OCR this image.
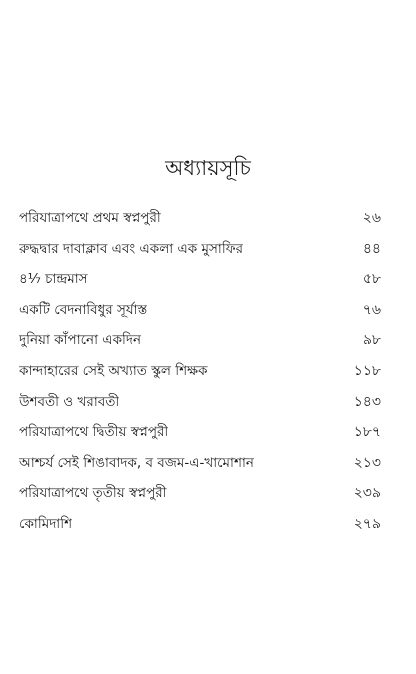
অধ্যায়সূচি
পরিযাত্রাপথে প্রথম স্বপ্নপুরী	২৬
রুদ্ধদ্বার দাবাক্লাব এবং একলা এক মুসাফির	৪৪
৪⅐ চান্দ্রমাস	৫৮
একটি বেদনাবিধুর সূর্যাস্ত	৭৬
দুনিয়া কাঁপানো একদিন	৯৮
কান্দাহারের সেই অখ্যাত স্কুল শিক্ষক	১১৮
উশবতী ও খরাবতী	১৪৩
পরিযাত্রাপথে দ্বিতীয় স্বপ্নপুরী	১৮৭
আশ্চর্য সেই শিঙাবাদক, ব বজম-এ-খামোশান	২১৩
পরিযাত্রাপথে তৃতীয় স্বপ্নপুরী	২৩৯
কোমিদাশি	২৭৯
